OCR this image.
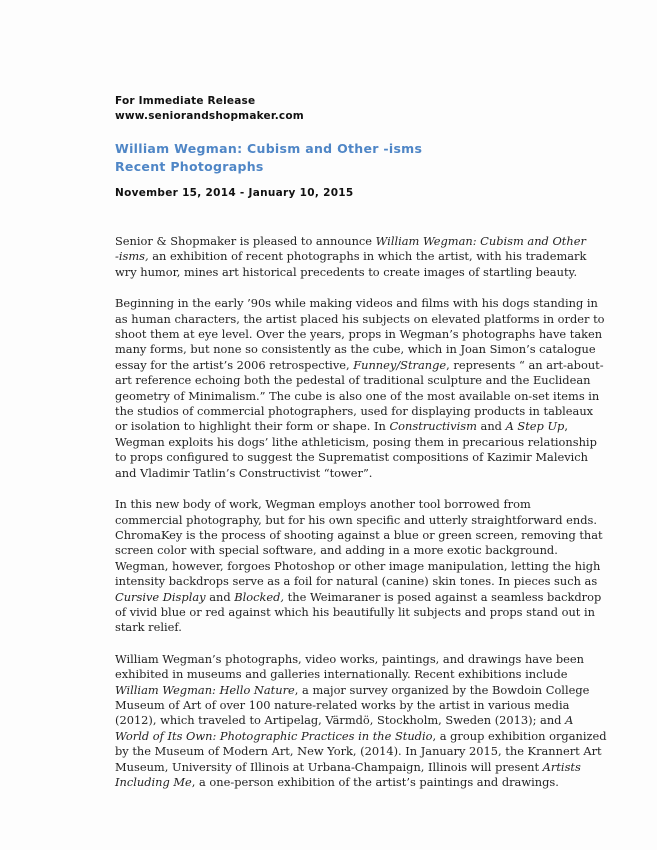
For Immediate Release
www.seniorandshopmaker.com
William Wegman: Cubism and Other -isms
Recent Photographs
November 15, 2014 - January 10, 2015

Senior & Shopmaker is pleased to announce William Wegman: Cubism and Other
-isms, an exhibition of recent photographs in which the artist, with his trademark
wry humor, mines art historical precedents to create images of startling beauty.

Beginning in the early ’90s while making videos and films with his dogs standing in
as human characters, the artist placed his subjects on elevated platforms in order to
shoot them at eye level. Over the years, props in Wegman’s photographs have taken
many forms, but none so consistently as the cube, which in Joan Simon’s catalogue
essay for the artist’s 2006 retrospective, Funney/Strange, represents “ an art-about-
art reference echoing both the pedestal of traditional sculpture and the Euclidean
geometry of Minimalism.” The cube is also one of the most available on-set items in
the studios of commercial photographers, used for displaying products in tableaux
or isolation to highlight their form or shape. In Constructivism and A Step Up,
Wegman exploits his dogs’ lithe athleticism, posing them in precarious relationship
to props configured to suggest the Suprematist compositions of Kazimir Malevich
and Vladimir Tatlin’s Constructivist “tower”.

In this new body of work, Wegman employs another tool borrowed from
commercial photography, but for his own specific and utterly straightforward ends.
ChromaKey is the process of shooting against a blue or green screen, removing that
screen color with special software, and adding in a more exotic background.
Wegman, however, forgoes Photoshop or other image manipulation, letting the high
intensity backdrops serve as a foil for natural (canine) skin tones. In pieces such as
Cursive Display and Blocked, the Weimaraner is posed against a seamless backdrop
of vivid blue or red against which his beautifully lit subjects and props stand out in
stark relief.

William Wegman’s photographs, video works, paintings, and drawings have been
exhibited in museums and galleries internationally. Recent exhibitions include
William Wegman: Hello Nature, a major survey organized by the Bowdoin College
Museum of Art of over 100 nature-related works by the artist in various media
(2012), which traveled to Artipelag, Värmdö, Stockholm, Sweden (2013); and A
World of Its Own: Photographic Practices in the Studio, a group exhibition organized
by the Museum of Modern Art, New York, (2014). In January 2015, the Krannert Art
Museum, University of Illinois at Urbana-Champaign, Illinois will present Artists
Including Me, a one-person exhibition of the artist’s paintings and drawings.
